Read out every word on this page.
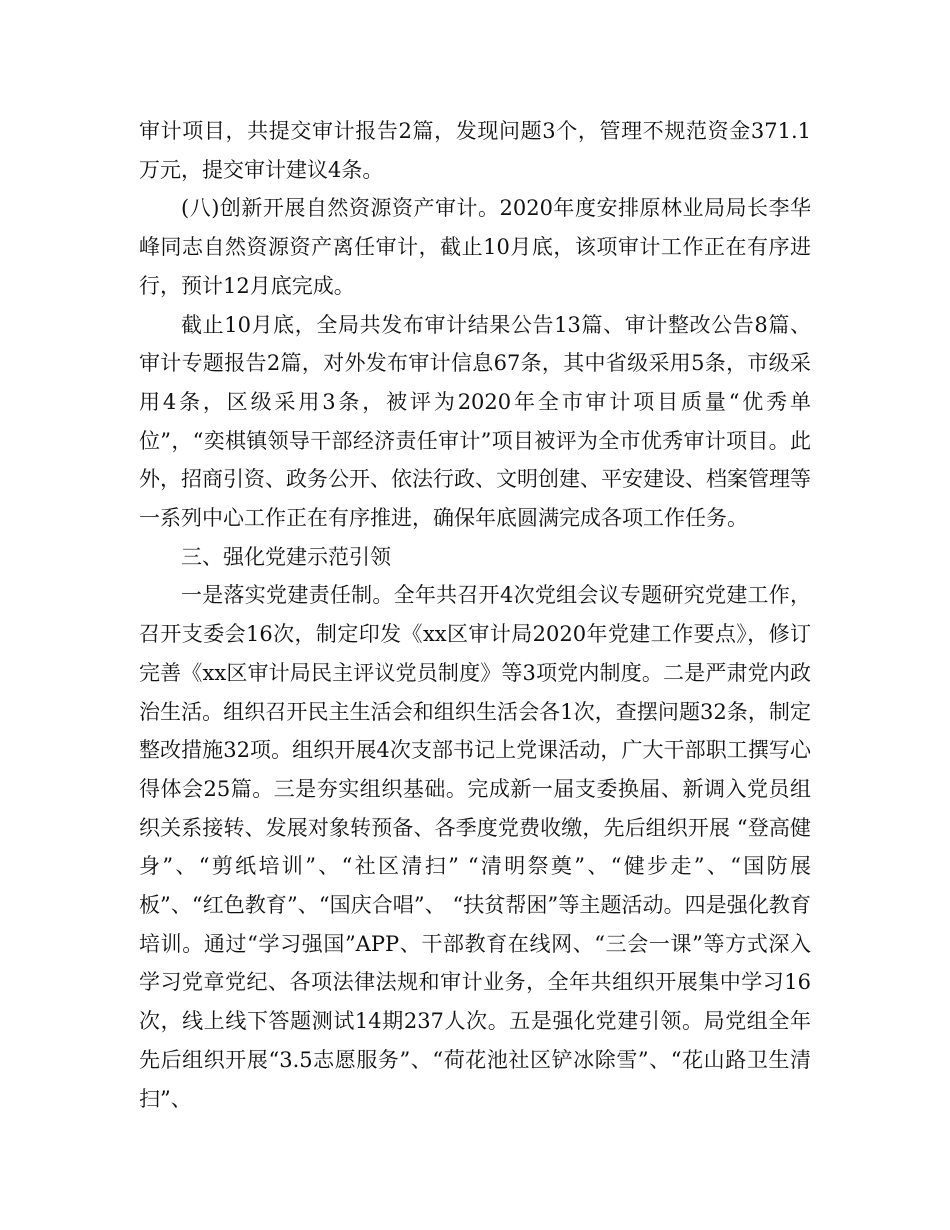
审计项目，共提交审计报告2篇，发现问题3个，管理不规范资金371.1万元，提交审计建议4条。

(八)创新开展自然资源资产审计。2020年度安排原林业局局长李华峰同志自然资源资产离任审计，截止10月底，该项审计工作正在有序进行，预计12月底完成。

截止10月底，全局共发布审计结果公告13篇、审计整改公告8篇、审计专题报告2篇，对外发布审计信息67条，其中省级采用5条，市级采用4条，区级采用3条，被评为2020年全市审计项目质量“优秀单位”，“奕棋镇领导干部经济责任审计”项目被评为全市优秀审计项目。此外，招商引资、政务公开、依法行政、文明创建、平安建设、档案管理等一系列中心工作正在有序推进，确保年底圆满完成各项工作任务。

三、强化党建示范引领

一是落实党建责任制。全年共召开4次党组会议专题研究党建工作，召开支委会16次，制定印发《xx区审计局2020年党建工作要点》，修订完善《xx区审计局民主评议党员制度》等3项党内制度。二是严肃党内政治生活。组织召开民主生活会和组织生活会各1次，查摆问题32条，制定整改措施32项。组织开展4次支部书记上党课活动，广大干部职工撰写心得体会25篇。三是夯实组织基础。完成新一届支委换届、新调入党员组织关系接转、发展对象转预备、各季度党费收缴，先后组织开展 “登高健身”、“剪纸培训”、“社区清扫” “清明祭奠”、“健步走”、“国防展板”、“红色教育”、“国庆合唱”、 “扶贫帮困”等主题活动。四是强化教育培训。通过“学习强国”APP、干部教育在线网、“三会一课”等方式深入学习党章党纪、各项法律法规和审计业务，全年共组织开展集中学习16次，线上线下答题测试14期237人次。五是强化党建引领。局党组全年先后组织开展“3.5志愿服务”、“荷花池社区铲冰除雪”、“花山路卫生清扫”、
